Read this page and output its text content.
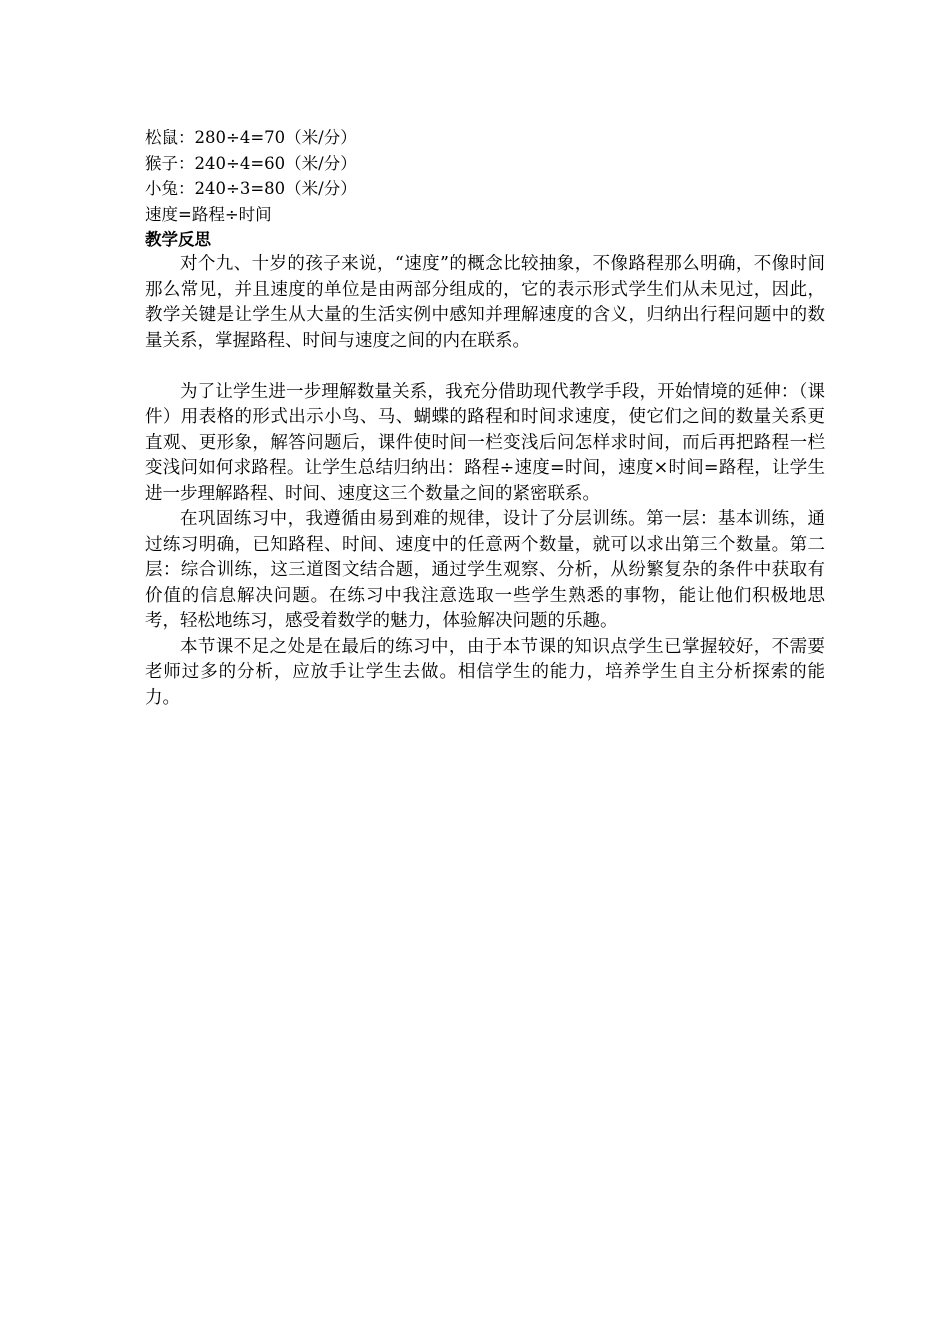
松鼠：280÷4=70（米/分）
猴子：240÷4=60（米/分）
小兔：240÷3=80（米/分）
速度=路程÷时间
教学反思

对个九、十岁的孩子来说，“速度”的概念比较抽象，不像路程那么明确，不像时间那么常见，并且速度的单位是由两部分组成的，它的表示形式学生们从未见过，因此，教学关键是让学生从大量的生活实例中感知并理解速度的含义，归纳出行程问题中的数量关系，掌握路程、时间与速度之间的内在联系。

为了让学生进一步理解数量关系，我充分借助现代教学手段，开始情境的延伸：（课件）用表格的形式出示小鸟、马、蝴蝶的路程和时间求速度，使它们之间的数量关系更直观、更形象，解答问题后，课件使时间一栏变浅后问怎样求时间，而后再把路程一栏变浅问如何求路程。让学生总结归纳出：路程÷速度=时间，速度×时间=路程，让学生进一步理解路程、时间、速度这三个数量之间的紧密联系。

在巩固练习中，我遵循由易到难的规律，设计了分层训练。第一层：基本训练，通过练习明确，已知路程、时间、速度中的任意两个数量，就可以求出第三个数量。第二层：综合训练，这三道图文结合题，通过学生观察、分析，从纷繁复杂的条件中获取有价值的信息解决问题。在练习中我注意选取一些学生熟悉的事物，能让他们积极地思考，轻松地练习，感受着数学的魅力，体验解决问题的乐趣。

本节课不足之处是在最后的练习中，由于本节课的知识点学生已掌握较好，不需要老师过多的分析，应放手让学生去做。相信学生的能力，培养学生自主分析探索的能力。
